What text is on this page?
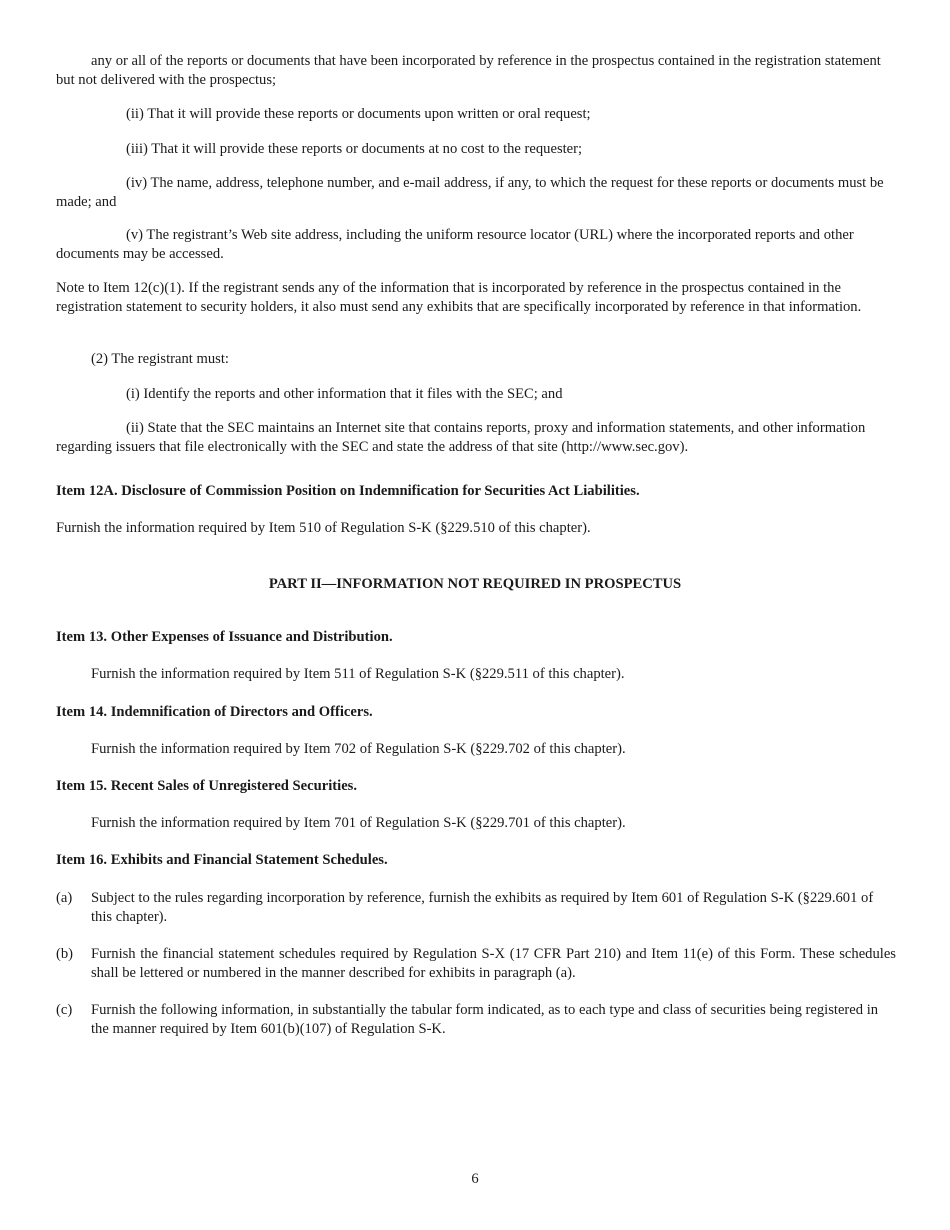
any or all of the reports or documents that have been incorporated by reference in the prospectus contained in the registration statement but not delivered with the prospectus;

(ii) That it will provide these reports or documents upon written or oral request;

(iii) That it will provide these reports or documents at no cost to the requester;

(iv) The name, address, telephone number, and e-mail address, if any, to which the request for these reports or documents must be made; and

(v) The registrant’s Web site address, including the uniform resource locator (URL) where the incorporated reports and other documents may be accessed.

Note to Item 12(c)(1). If the registrant sends any of the information that is incorporated by reference in the prospectus contained in the registration statement to security holders, it also must send any exhibits that are specifically incorporated by reference in that information.

(2) The registrant must:

(i) Identify the reports and other information that it files with the SEC; and

(ii) State that the SEC maintains an Internet site that contains reports, proxy and information statements, and other information regarding issuers that file electronically with the SEC and state the address of that site (http://www.sec.gov).

Item 12A. Disclosure of Commission Position on Indemnification for Securities Act Liabilities.

Furnish the information required by Item 510 of Regulation S-K (§229.510 of this chapter).

PART II—INFORMATION NOT REQUIRED IN PROSPECTUS

Item 13. Other Expenses of Issuance and Distribution.

Furnish the information required by Item 511 of Regulation S-K (§229.511 of this chapter).

Item 14. Indemnification of Directors and Officers.

Furnish the information required by Item 702 of Regulation S-K (§229.702 of this chapter).

Item 15. Recent Sales of Unregistered Securities.

Furnish the information required by Item 701 of Regulation S-K (§229.701 of this chapter).

Item 16. Exhibits and Financial Statement Schedules.

(a)	Subject to the rules regarding incorporation by reference, furnish the exhibits as required by Item 601 of Regulation S-K (§229.601 of this chapter).
(b)	Furnish the financial statement schedules required by Regulation S-X (17 CFR Part 210) and Item 11(e) of this Form. These schedules shall be lettered or numbered in the manner described for exhibits in paragraph (a).
(c)	Furnish the following information, in substantially the tabular form indicated, as to each type and class of securities being registered in the manner required by Item 601(b)(107) of Regulation S-K.
6
